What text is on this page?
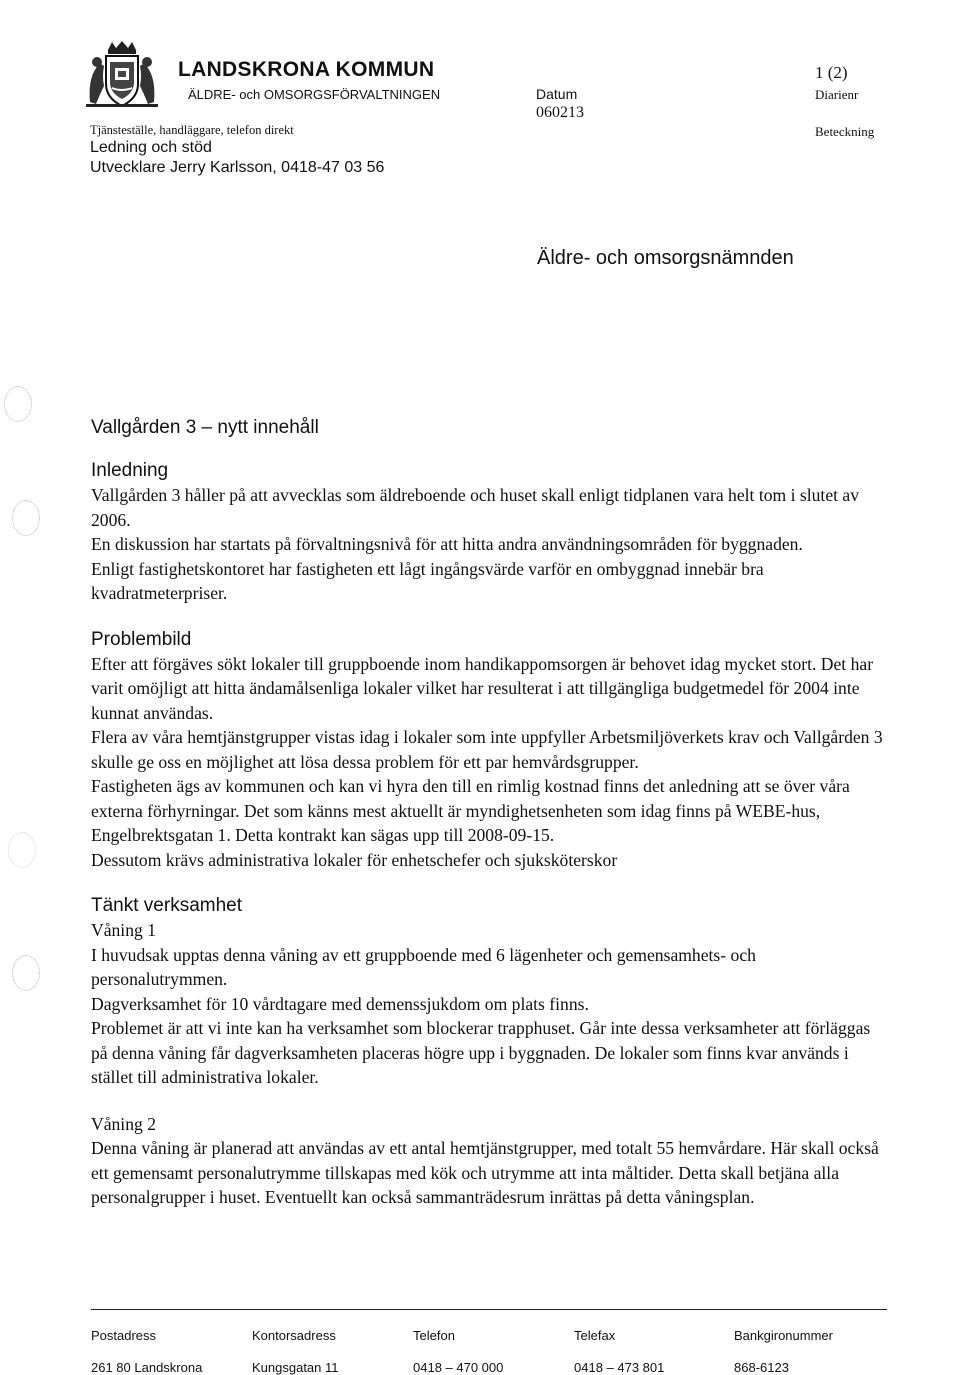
LANDSKRONA KOMMUN
ÄLDRE- och OMSORGSFÖRVALTNINGEN
Tjänsteställe, handläggare, telefon direkt
Ledning och stöd
Utvecklare Jerry Karlsson, 0418-47 03 56
Datum
060213
1 (2)
Diarienr
Beteckning
Äldre- och omsorgsnämnden
Vallgården 3 – nytt innehåll
Inledning

Vallgården 3 håller på att avvecklas som äldreboende och huset skall enligt tidplanen vara helt tom i slutet av 2006.

En diskussion har startats på förvaltningsnivå för att hitta andra användningsområden för byggnaden.

Enligt fastighetskontoret har fastigheten ett lågt ingångsvärde varför en ombyggnad innebär bra kvadratmeterpriser.

Problembild

Efter att förgäves sökt lokaler till gruppboende inom handikappomsorgen är behovet idag mycket stort. Det har varit omöjligt att hitta ändamålsenliga lokaler vilket har resulterat i att tillgängliga budgetmedel för 2004 inte kunnat användas.

Flera av våra hemtjänstgrupper vistas idag i lokaler som inte uppfyller Arbetsmiljöverkets krav och Vallgården 3 skulle ge oss en möjlighet att lösa dessa problem för ett par hemvårdsgrupper.

Fastigheten ägs av kommunen och kan vi hyra den till en rimlig kostnad finns det anledning att se över våra externa förhyrningar. Det som känns mest aktuellt är myndighetsenheten som idag finns på WEBE-hus, Engelbrektsgatan 1. Detta kontrakt kan sägas upp till 2008-09-15.

Dessutom krävs administrativa lokaler för enhetschefer och sjuksköterskor

Tänkt verksamhet

Våning 1

I huvudsak upptas denna våning av ett gruppboende med 6 lägenheter och gemensamhets- och personalutrymmen.

Dagverksamhet för 10 vårdtagare med demenssjukdom om plats finns.

Problemet är att vi inte kan ha verksamhet som blockerar trapphuset. Går inte dessa verksamheter att förläggas på denna våning får dagverksamheten placeras högre upp i byggnaden. De lokaler som finns kvar används i stället till administrativa lokaler.

Våning 2

Denna våning är planerad att användas av ett antal hemtjänstgrupper, med totalt 55 hemvårdare. Här skall också ett gemensamt personalutrymme tillskapas med kök och utrymme att inta måltider. Detta skall betjäna alla personalgrupper i huset. Eventuellt kan också sammanträdesrum inrättas på detta våningsplan.

Postadress	Kontorsadress	Telefon	Telefax	Bankgironummer
261 80 Landskrona	Kungsgatan 11	0418 – 470 000	0418 – 473 801	868-6123
